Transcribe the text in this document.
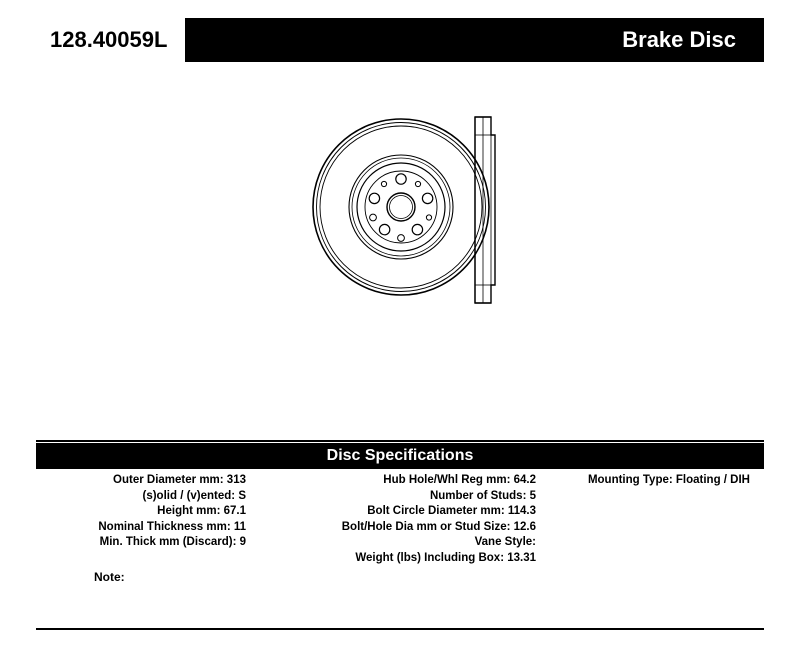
128.40059L	Brake Disc
Disc Specifications
Outer Diameter mm: 313
(s)olid / (v)ented: S
Height mm: 67.1
Nominal Thickness mm: 11
Min. Thick mm (Discard): 9
Hub Hole/Whl Reg mm: 64.2
Number of Studs: 5
Bolt Circle Diameter mm: 114.3
Bolt/Hole Dia mm or Stud Size: 12.6
Vane Style:
Weight (lbs) Including Box: 13.31
Mounting Type: Floating / DIH
Note:
